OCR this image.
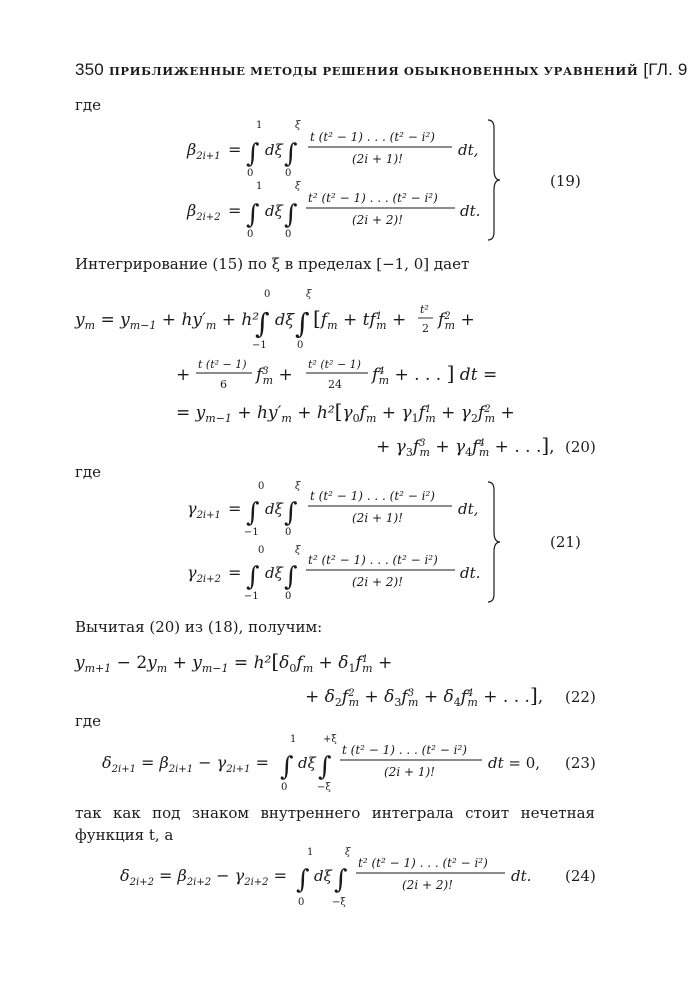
350 ПРИБЛИЖЕННЫЕ МЕТОДЫ РЕШЕНИЯ ОБЫКНОВЕННЫХ УРАВНЕНИЙ [ГЛ. 9
где
Интегрирование (15) по ξ в пределах [−1, 0] дает
где
Вычитая (20) из (18), получим:
где
так как под знаком внутреннего интеграла стоит нечетная функция t, а
$\beta_{2i+1}$ = ∫
1
0
dξ ∫
ξ
0
t (t² − 1) . . . (t² − i²)
(2i + 1)!	dt,
$\beta_{2i+2}$ = ∫
1
0
dξ ∫
ξ
0
t² (t² − 1) . . . (t² − i²)
(2i + 2)!	dt.
(19)
$y_m = y_{m-1} + hy'_m + h^2$
∫
0
−1
dξ ∫
ξ
0
[$f_m + tf^1$ m +
t²
2 $f^2$ m +
+
t (t² − 1)
6 $f^3$ m +
t² (t² − 1)
24 $f^4$ m + . . . ] dt =
= $y_{m-1} + hy'_m + h^2[\gamma_0f_m + \gamma_1f^1$ $m + \gamma_2f^2$ m +
+ $\gamma_3f^3$ $m + \gamma_4f^4$ m + . . .], (20)
$\gamma_{2i+1}$ = ∫
0
−1
dξ ∫
ξ
0
t (t² − 1) . . . (t² − i²)
(2i + 1)!	dt,
$\gamma_{2i+2}$ = ∫
0
−1
dξ ∫
ξ
0
t² (t² − 1) . . . (t² − i²)
(2i + 2)!	dt.
(21)
$y_{m+1} - 2y_m + y_{m-1} = h^2[\delta_0f_m + \delta_1f^1$ m +
+ $\delta_2f^2$ $m + \delta_3f^3$ $m + \delta_4f^4$ m + . . .], (22)
$\delta_{2i+1} = \beta_{2i+1} - \gamma_{2i+1}$ = ∫
1
0
dξ ∫
+ξ
−ξ
t (t² − 1) . . . (t² − i²)
(2i + 1)!	dt = 0, (23)
$\delta_{2i+2} = \beta_{2i+2} - \gamma_{2i+2}$ = ∫
1
0
dξ ∫
ξ
−ξ
t² (t² − 1) . . . (t² − i²)
(2i + 2)!	dt. (24)
